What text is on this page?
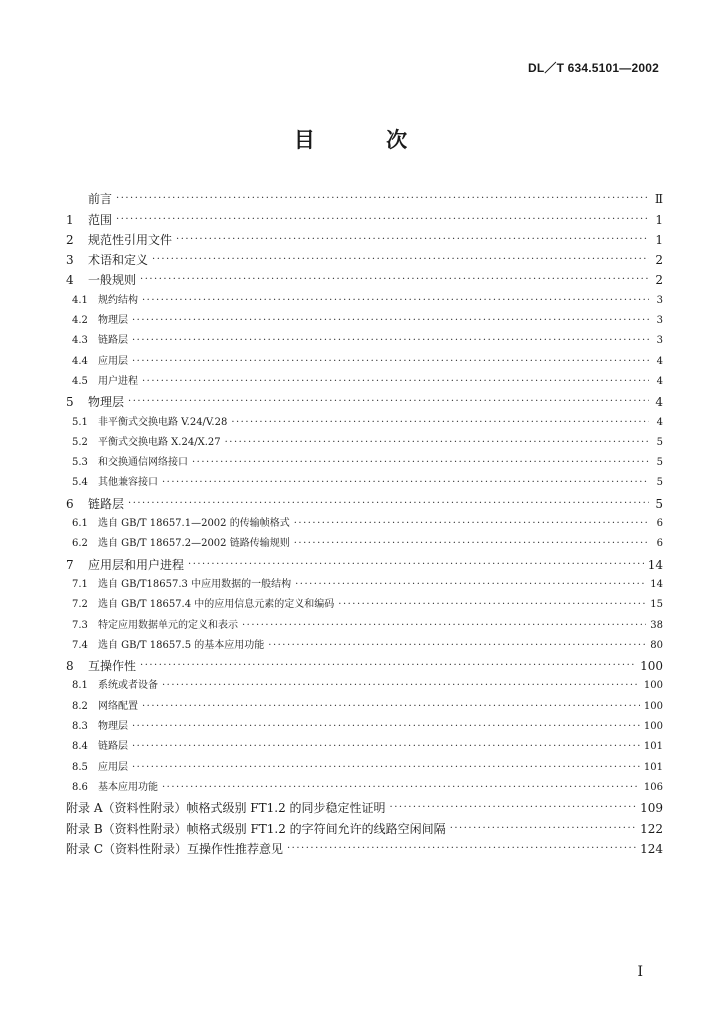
DL／T 634.5101—2002
目	次
前言 ·····	Ⅱ
1	范围 ·····	1
2	规范性引用文件 ·····	1
3	术语和定义 ·····	2
4	一般规则 ·····	2
4.1	规约结构 ·····	3
4.2	物理层 ·····	3
4.3	链路层 ·····	3
4.4	应用层 ·····	4
4.5	用户进程 ·····	4
5	物理层 ·····	4
5.1	非平衡式交换电路 V.24/V.28 ·····	4
5.2	平衡式交换电路 X.24/X.27 ·····	5
5.3	和交换通信网络接口 ·····	5
5.4	其他兼容接口 ·····	5
6	链路层 ·····	5
6.1	选自 GB/T 18657.1—2002 的传输帧格式 ·····	6
6.2	选自 GB/T 18657.2—2002 链路传输规则 ·····	6
7	应用层和用户进程 ·····	14
7.1	选自 GB/T18657.3 中应用数据的一般结构 ·····	14
7.2	选自 GB/T 18657.4 中的应用信息元素的定义和编码 ·····	15
7.3	特定应用数据单元的定义和表示 ·····	38
7.4	选自 GB/T 18657.5 的基本应用功能 ·····	80
8	互操作性 ·····	100
8.1	系统或者设备 ·····	100
8.2	网络配置 ·····	100
8.3	物理层 ·····	100
8.4	链路层 ·····	101
8.5	应用层 ·····	101
8.6	基本应用功能 ·····	106
附录 A（资料性附录）帧格式级别 FT1.2 的同步稳定性证明 ·····	109
附录 B（资料性附录）帧格式级别 FT1.2 的字符间允许的线路空闲间隔 ·····	122
附录 C（资料性附录）互操作性推荐意见 ·····	124
I
